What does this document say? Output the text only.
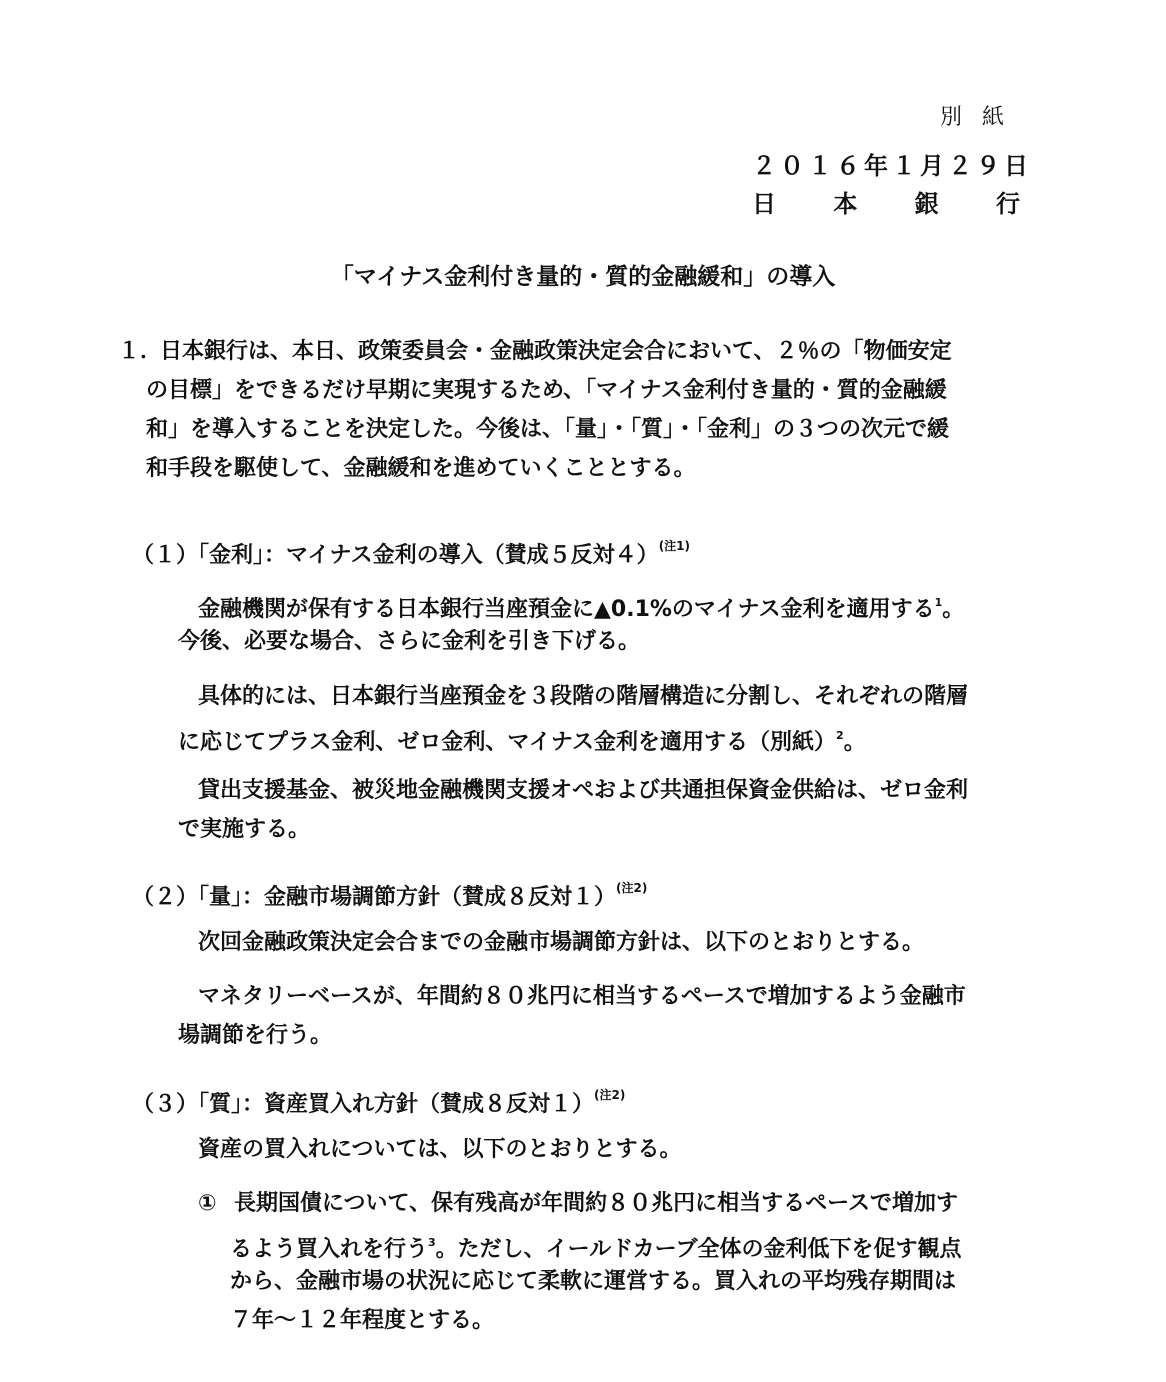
別紙
２０１６年１月２９日
日 本 銀 行
「マイナス金利付き量的・質的金融緩和」の導入
１．
日本銀行は、本日、政策委員会・金融政策決定会合において、２％の「物価安定
の目標」をできるだけ早期に実現するため、「マイナス金利付き量的・質的金融緩
和」を導入することを決定した。今後は、「量」・「質」・「金利」の３つの次元で緩
和手段を駆使して、金融緩和を進めていくこととする。
（１）「金利」：マイナス金利の導入（賛成５反対４）$^{(注1)}$
金融機関が保有する日本銀行当座預金に▲0.1%のマイナス金利を適用する$^1$。
今後、必要な場合、さらに金利を引き下げる。
具体的には、日本銀行当座預金を３段階の階層構造に分割し、それぞれの階層
に応じてプラス金利、ゼロ金利、マイナス金利を適用する（別紙）$^2$。
貸出支援基金、被災地金融機関支援オペおよび共通担保資金供給は、ゼロ金利
で実施する。
（２）「量」：金融市場調節方針（賛成８反対１）$^{(注2)}$
次回金融政策決定会合までの金融市場調節方針は、以下のとおりとする。
マネタリーベースが、年間約８０兆円に相当するペースで増加するよう金融市
場調節を行う。
（３）「質」：資産買入れ方針（賛成８反対１）$^{(注2)}$
資産の買入れについては、以下のとおりとする。
① 長期国債について、保有残高が年間約８０兆円に相当するペースで増加す
るよう買入れを行う$^3$。ただし、イールドカーブ全体の金利低下を促す観点
から、金融市場の状況に応じて柔軟に運営する。買入れの平均残存期間は
７年～１２年程度とする。
